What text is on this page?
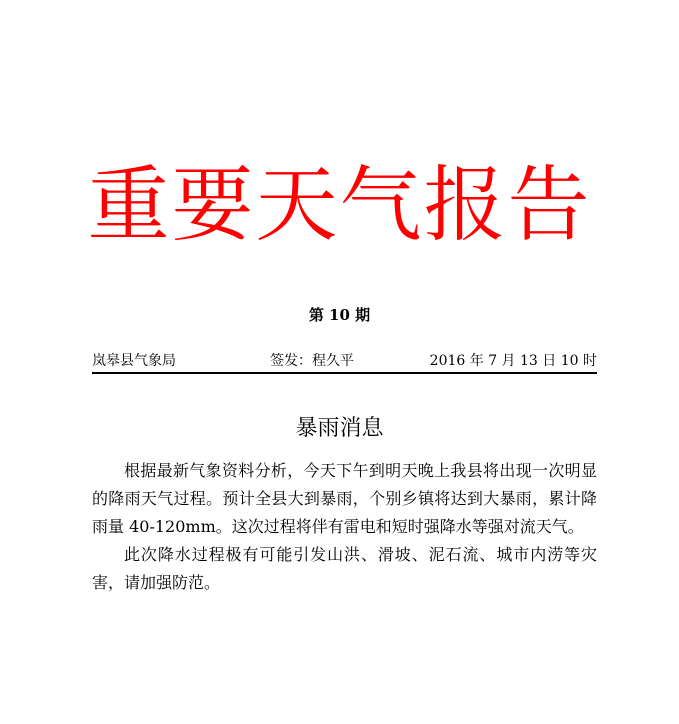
重要天气报告
第 10 期
岚皋县气象局	签发：程久平	2016 年 7 月 13 日 10 时
暴雨消息

根据最新气象资料分析，今天下午到明天晚上我县将出现一次明显的降雨天气过程。预计全县大到暴雨，个别乡镇将达到大暴雨，累计降雨量 40-120mm。这次过程将伴有雷电和短时强降水等强对流天气。

此次降水过程极有可能引发山洪、滑坡、泥石流、城市内涝等灾害，请加强防范。
